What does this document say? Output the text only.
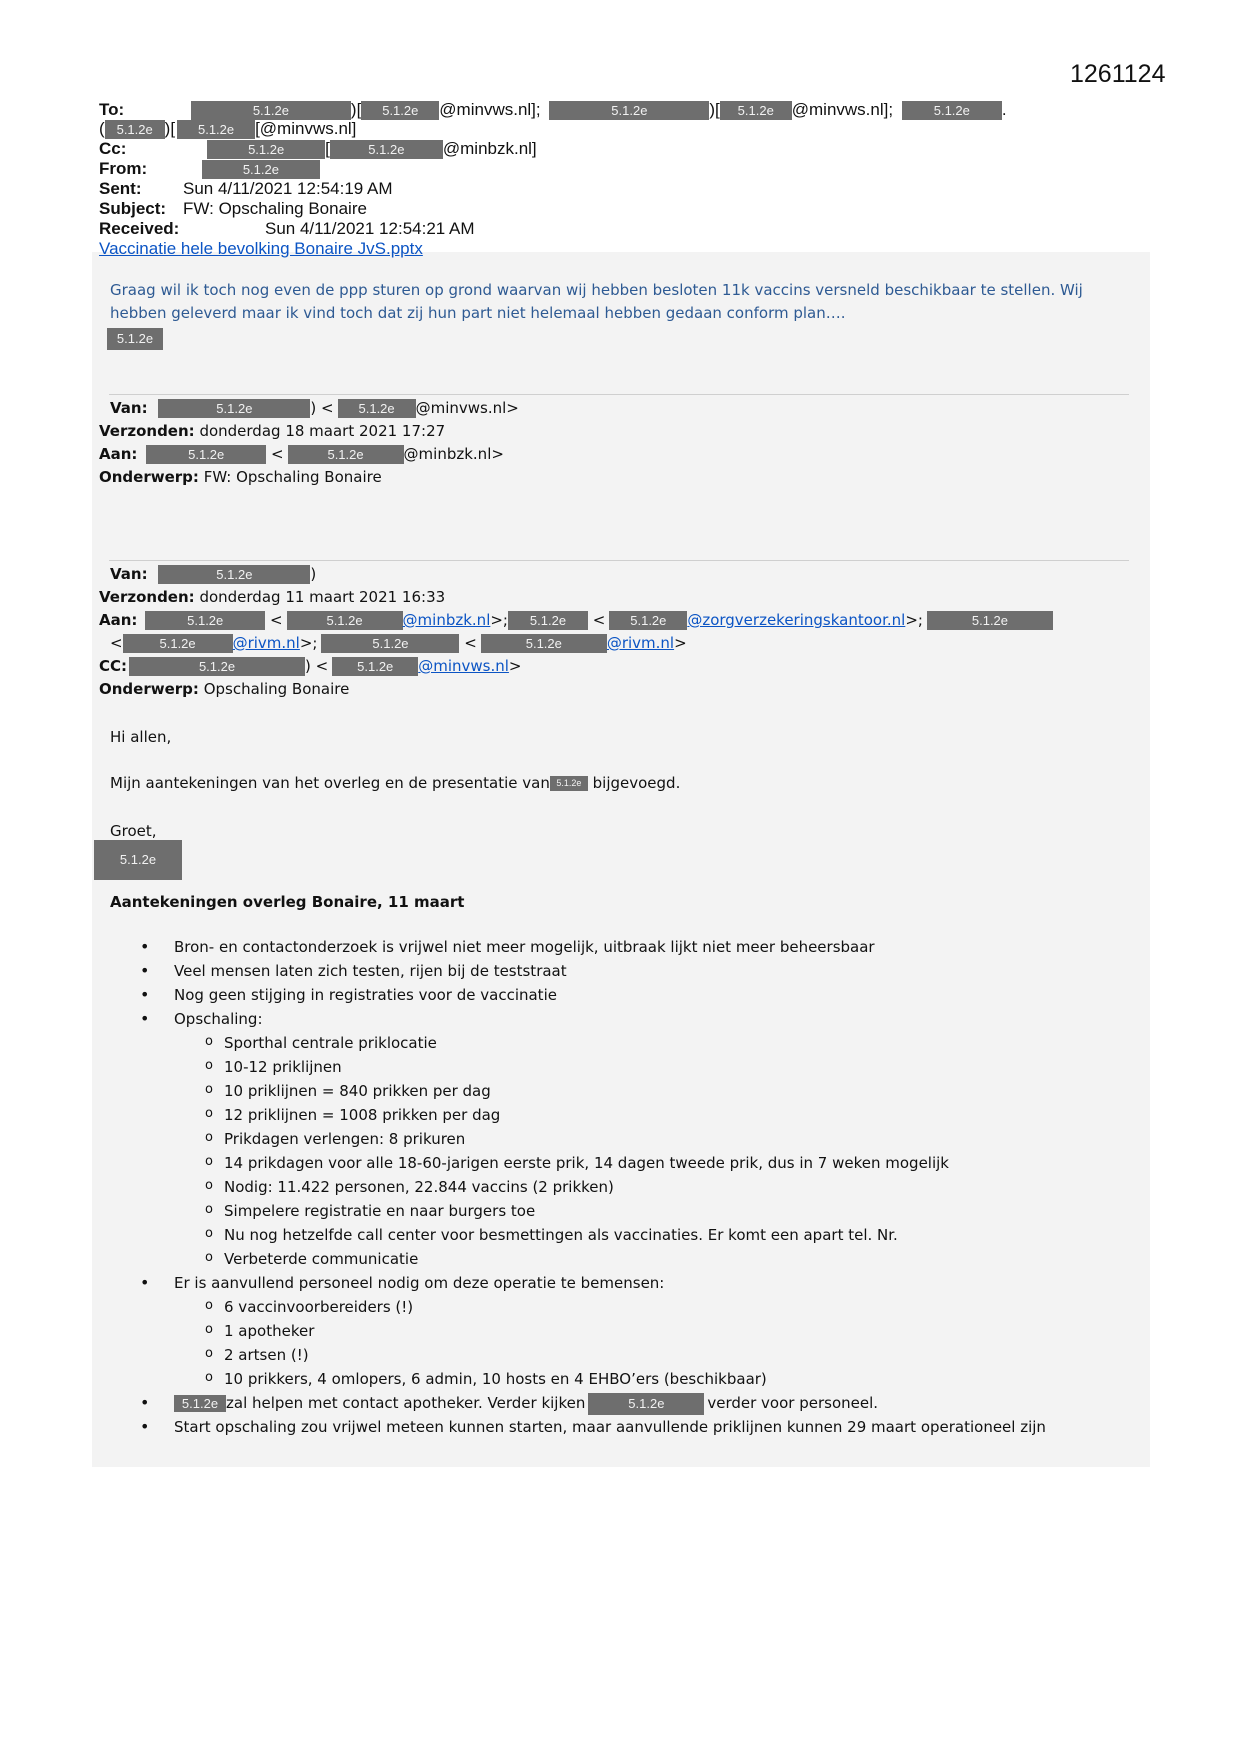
1261124
To:	5.1.2e	)[ 5.1.2e @minvws.nl];	5.1.2e	)[ 5.1.2e @minvws.nl];	5.1.2e .
( 5.1.2e )[ 5.1.2e [@minvws.nl]
Cc:	5.1.2e [	5.1.2e @minbzk.nl]
From:	5.1.2e
Sent: Sun 4/11/2021 12:54:19 AM
Subject: FW: Opschaling Bonaire
Received:	Sun 4/11/2021 12:54:21 AM
Vaccinatie hele bevolking Bonaire JvS.pptx
Graag wil ik toch nog even de ppp sturen op grond waarvan wij hebben besloten 11k vaccins versneld beschikbaar te stellen. Wij
hebben geleverd maar ik vind toch dat zij hun part niet helemaal hebben gedaan conform plan….
5.1.2e
Van:	5.1.2e	) < 5.1.2e @minvws.nl>
Verzonden: donderdag 18 maart 2021 17:27
Aan:	5.1.2e	<	5.1.2e	@minbzk.nl>
Onderwerp: FW: Opschaling Bonaire
Van:	5.1.2e	)
Verzonden: donderdag 11 maart 2021 16:33
Aan:	5.1.2e	<	5.1.2e	@minbzk.nl>; 5.1.2e < 5.1.2e @zorgverzekeringskantoor.nl>;	5.1.2e
<	5.1.2e @rivm.nl>;	5.1.2e	<	5.1.2e	@rivm.nl>
CC:	5.1.2e	) < 5.1.2e @minvws.nl>
Onderwerp: Opschaling Bonaire
Hi allen,
Mijn aantekeningen van het overleg en de presentatie van 5.1.2e bijgevoegd.
Groet,
5.1.2e
Aantekeningen overleg Bonaire, 11 maart
• Bron- en contactonderzoek is vrijwel niet meer mogelijk, uitbraak lijkt niet meer beheersbaar
• Veel mensen laten zich testen, rijen bij de teststraat
• Nog geen stijging in registraties voor de vaccinatie
• Opschaling:
o Sporthal centrale priklocatie
o 10-12 priklijnen
o 10 priklijnen = 840 prikken per dag
o 12 priklijnen = 1008 prikken per dag
o Prikdagen verlengen: 8 prikuren
o 14 prikdagen voor alle 18-60-jarigen eerste prik, 14 dagen tweede prik, dus in 7 weken mogelijk
o Nodig: 11.422 personen, 22.844 vaccins (2 prikken)
o Simpelere registratie en naar burgers toe
o Nu nog hetzelfde call center voor besmettingen als vaccinaties. Er komt een apart tel. Nr.
o Verbeterde communicatie
• Er is aanvullend personeel nodig om deze operatie te bemensen:
o 6 vaccinvoorbereiders (!)
o 1 apotheker
o 2 artsen (!)
o 10 prikkers, 4 omlopers, 6 admin, 10 hosts en 4 EHBO’ers (beschikbaar)
• 5.1.2e zal helpen met contact apotheker. Verder kijken	5.1.2e	verder voor personeel.
• Start opschaling zou vrijwel meteen kunnen starten, maar aanvullende priklijnen kunnen 29 maart operationeel zijn
